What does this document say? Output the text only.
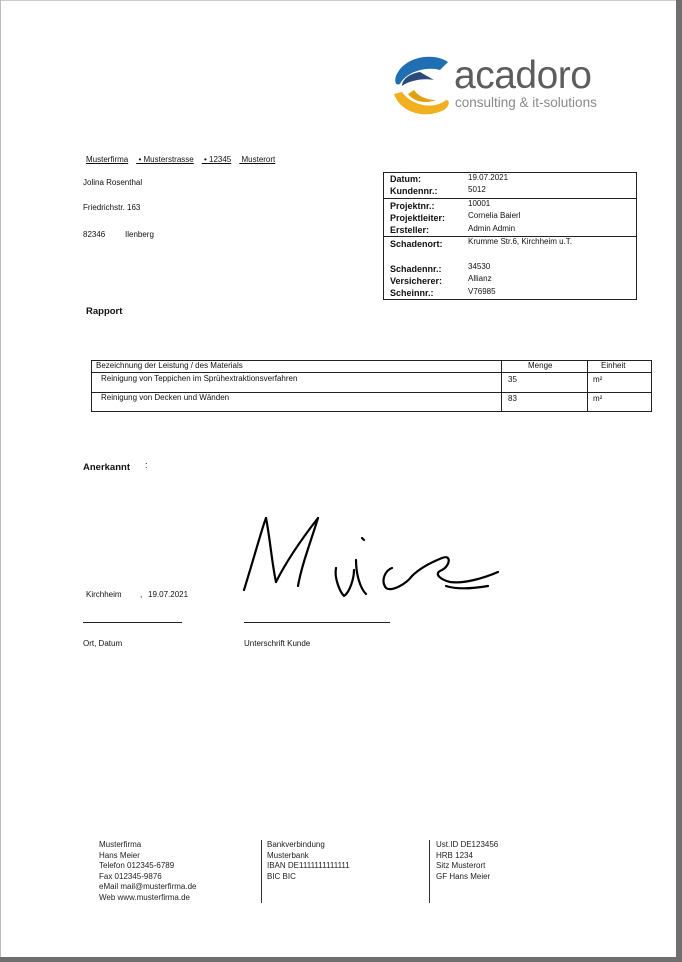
acadoro
consulting & it-solutions
Musterfirma • Musterstrasse • 12345 Musterort
Jolina Rosenthal
Friedrichstr. 163
82346 Ilenberg
Datum:	19.07.2021
Kundennr.:	5012
Projektnr.:	10001
Projektleiter:	Cornelia Baierl
Ersteller:	Admin Admin
Schadenort:	Krumme Str.6, Kirchheim u.T.
Schadennr.:	34530
Versicherer:	Allianz
Scheinnr.:	V76985
Rapport
Bezeichnung der Leistung / des Materials	Menge	Einheit
Reinigung von Teppichen im Sprühextraktionsverfahren	35	m²
Reinigung von Decken und Wänden	83	m²
Anerkannt :
Kirchheim , 19.07.2021
Ort, Datum	Unterschrift Kunde
Musterfirma
Hans Meier
Telefon 012345-6789
Fax 012345-9876
eMail mail@musterfirma.de
Web www.musterfirma.de
Bankverbindung
Musterbank
IBAN DE1111111111111
BIC BIC
Ust.ID DE123456
HRB 1234
Sitz Musterort
GF Hans Meier
